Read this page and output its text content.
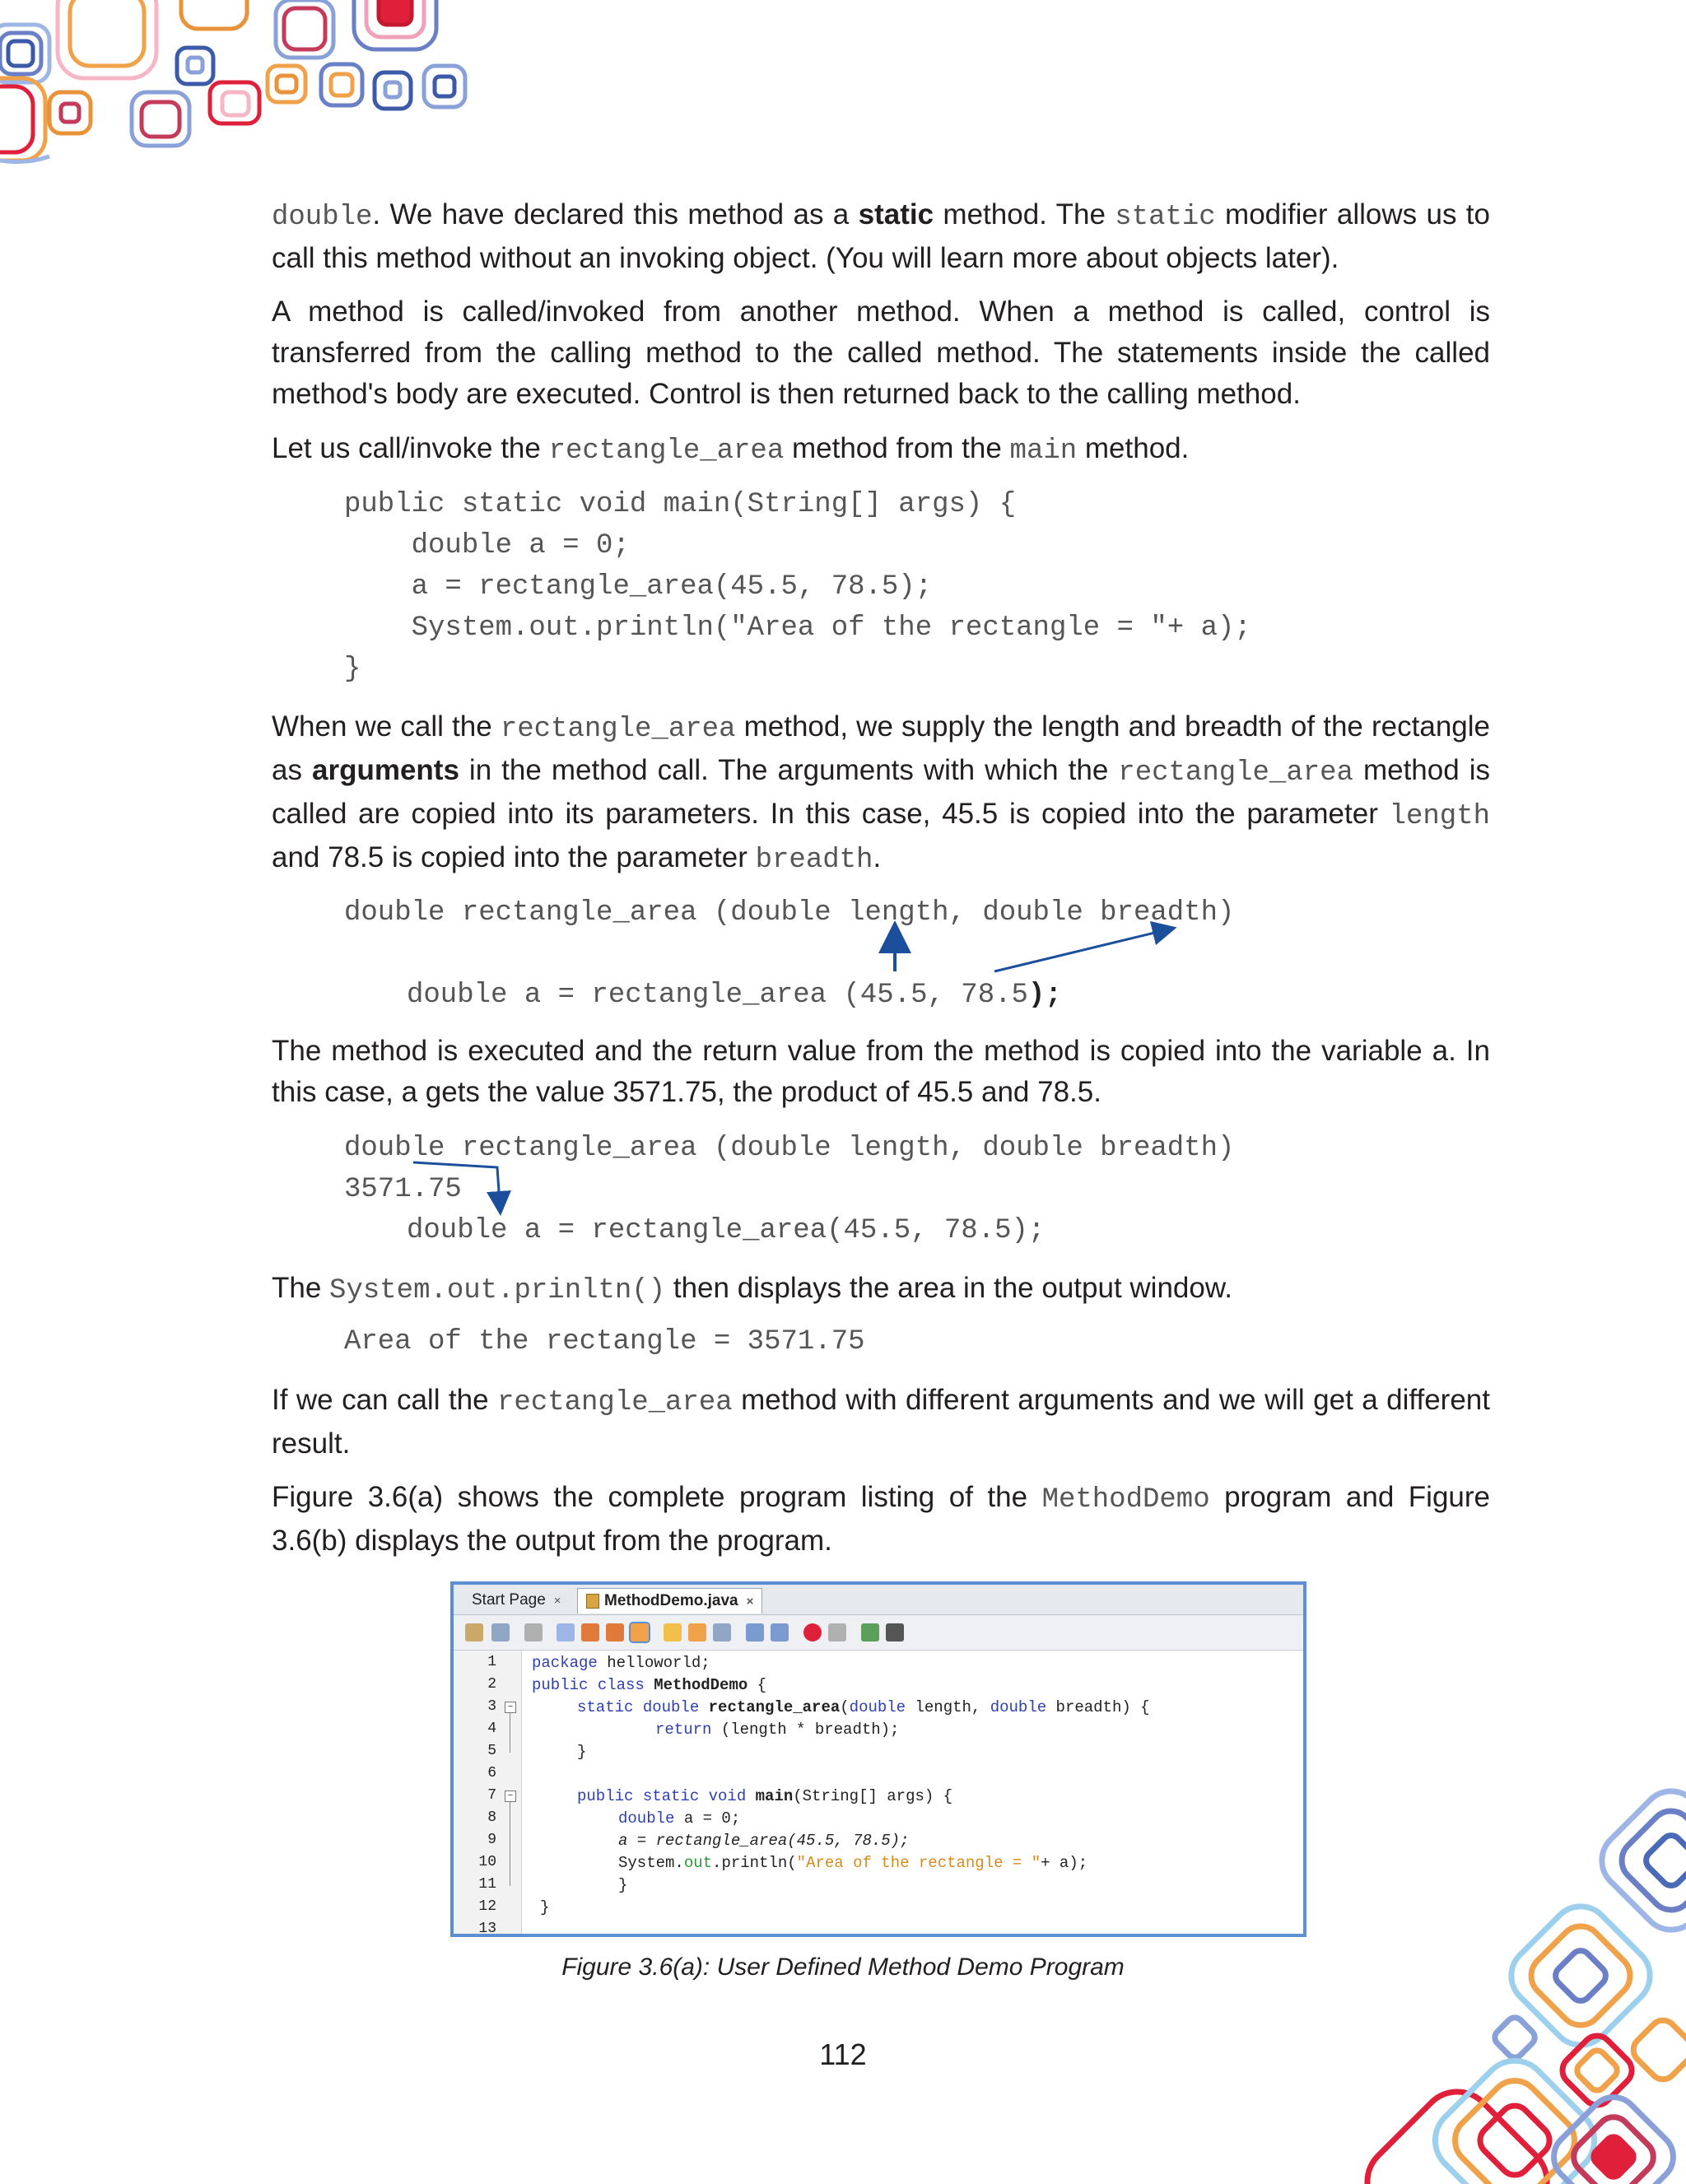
double. We have declared this method as a static method. The static modifier allows us to call this method without an invoking object. (You will learn more about objects later).
A method is called/invoked from another method. When a method is called, control is transferred from the calling method to the called method. The statements inside the called method's body are executed. Control is then returned back to the calling method.
Let us call/invoke the rectangle_area method from the main method.
public static void main(String[] args) {
double a = 0;
a = rectangle_area(45.5, 78.5);
System.out.println("Area of the rectangle = "+ a);
}
When we call the rectangle_area method, we supply the length and breadth of the rectangle as arguments in the method call. The arguments with which the rectangle_area method is called are copied into its parameters. In this case, 45.5 is copied into the parameter length and 78.5 is copied into the parameter breadth.
double rectangle_area (double length, double breadth)
double a = rectangle_area (45.5, 78.5);
The method is executed and the return value from the method is copied into the variable a. In this case, a gets the value 3571.75, the product of 45.5 and 78.5.
double rectangle_area (double length, double breadth)
3571.75
double a = rectangle_area(45.5, 78.5);
The System.out.prinltn() then displays the area in the output window.
Area of the rectangle = 3571.75
If we can call the rectangle_area method with different arguments and we will get a different result.
Figure 3.6(a) shows the complete program listing of the MethodDemo program and Figure 3.6(b) displays the output from the program.
Start Page ×	MethodDemo.java ×
1
2
3
4
5
6
7
8
9
10
11
12
13
−
−
package helloworld;
public class MethodDemo {
static double rectangle_area(double length, double breadth) {
return (length * breadth);
}
public static void main(String[] args) {
double a = 0;
a = rectangle_area(45.5, 78.5);
System.out.println("Area of the rectangle = "+ a);
}
}
Figure 3.6(a): User Defined Method Demo Program
112
